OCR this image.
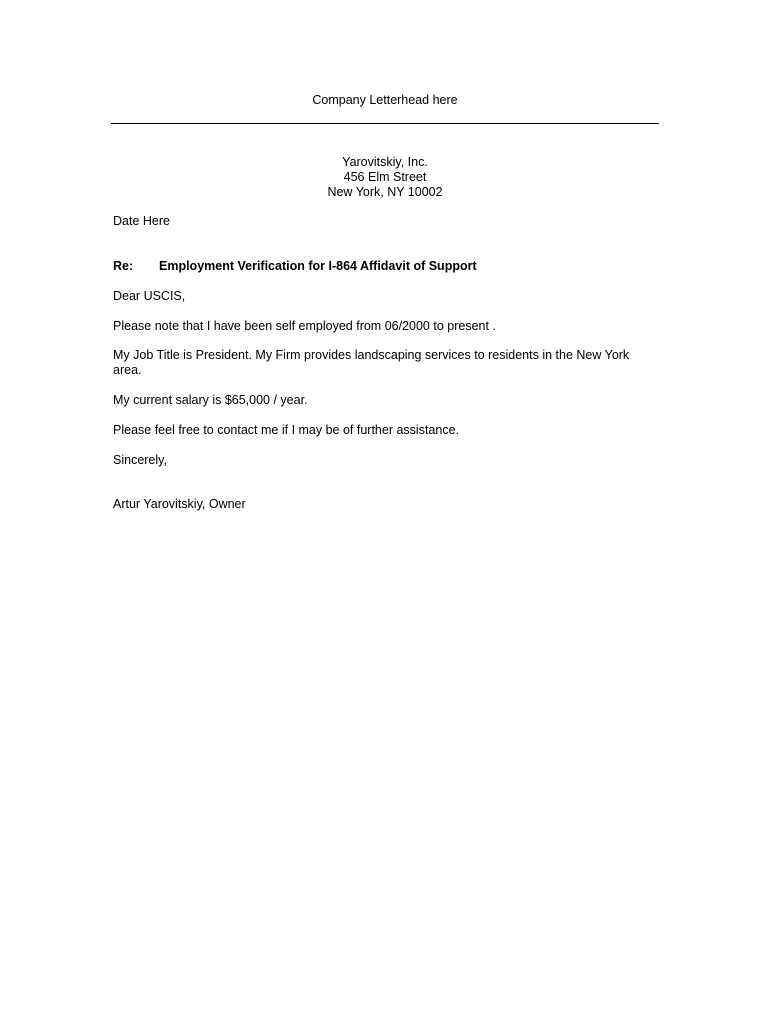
Company Letterhead here

Yarovitskiy, Inc.
456 Elm Street
New York, NY 10002

Date Here

Re: Employment Verification for I-864 Affidavit of Support

Dear USCIS,

Please note that I have been self employed from 06/2000 to present .

My Job Title is President. My Firm provides landscaping services to residents in the New York area.

My current salary is $65,000 / year.

Please feel free to contact me if I may be of further assistance.

Sincerely,

Artur Yarovitskiy, Owner
